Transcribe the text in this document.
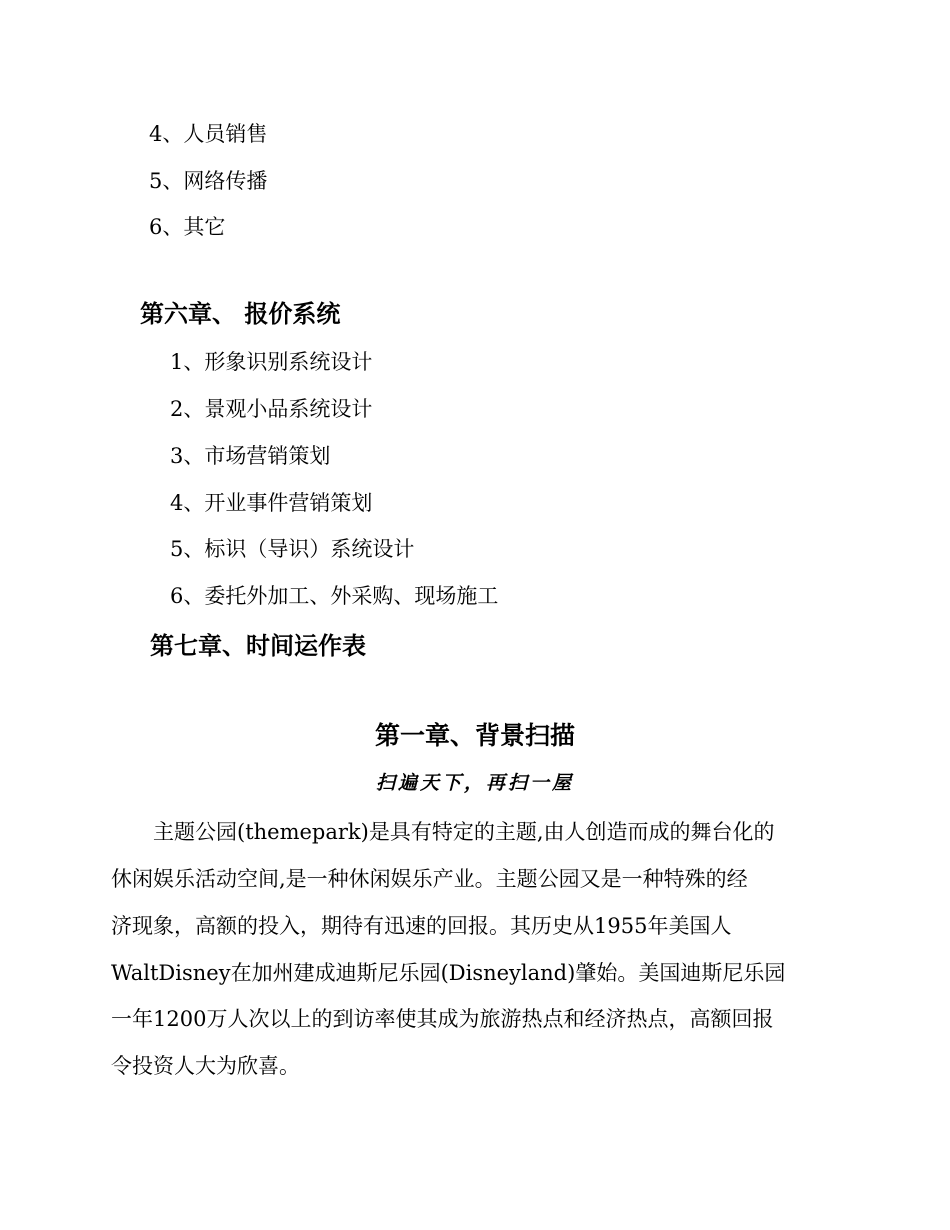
4、人员销售
5、网络传播
6、其它
第六章、 报价系统
1、形象识别系统设计
2、景观小品系统设计
3、市场营销策划
4、开业事件营销策划
5、标识（导识）系统设计
6、委托外加工、外采购、现场施工
第七章、时间运作表
第一章、背景扫描
扫遍天下，再扫一屋
　　主题公园(themepark)是具有特定的主题,由人创造而成的舞台化的
休闲娱乐活动空间,是一种休闲娱乐产业。主题公园又是一种特殊的经
济现象，高额的投入，期待有迅速的回报。其历史从1955年美国人
WaltDisney在加州建成迪斯尼乐园(Disneyland)肇始。美国迪斯尼乐园
一年1200万人次以上的到访率使其成为旅游热点和经济热点，高额回报
令投资人大为欣喜。
